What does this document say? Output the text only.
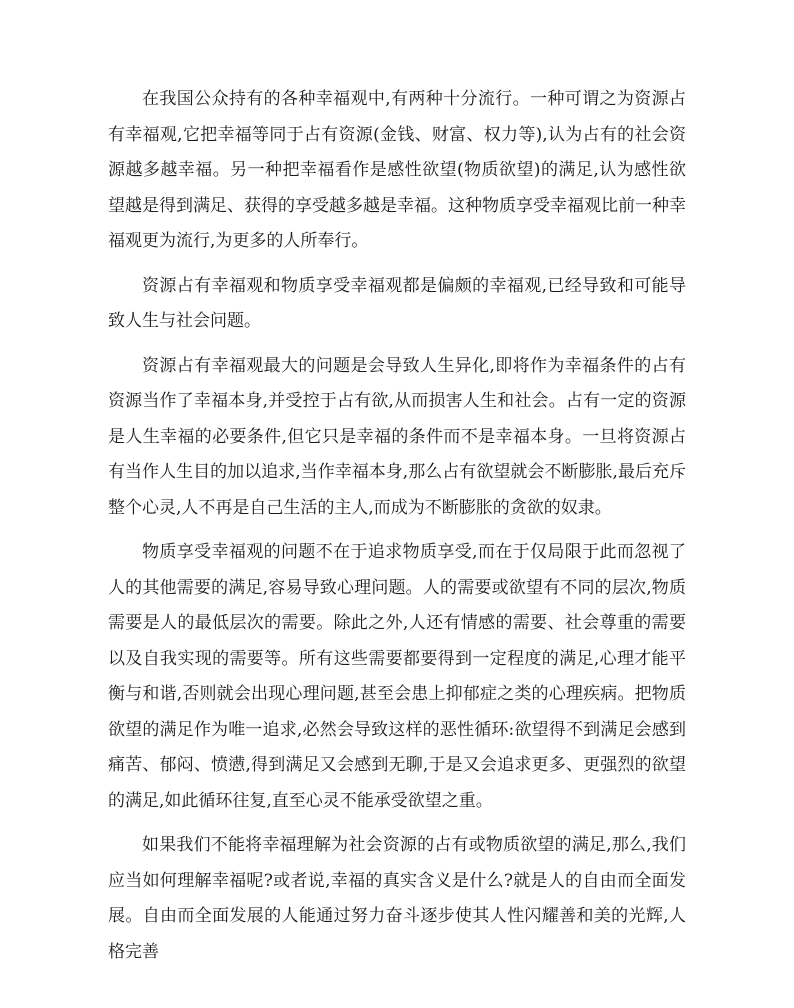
在我国公众持有的各种幸福观中,有两种十分流行。一种可谓之为资源占有幸福观,它把幸福等同于占有资源(金钱、财富、权力等),认为占有的社会资源越多越幸福。另一种把幸福看作是感性欲望(物质欲望)的满足,认为感性欲望越是得到满足、获得的享受越多越是幸福。这种物质享受幸福观比前一种幸福观更为流行,为更多的人所奉行。

资源占有幸福观和物质享受幸福观都是偏颇的幸福观,已经导致和可能导致人生与社会问题。

资源占有幸福观最大的问题是会导致人生异化,即将作为幸福条件的占有资源当作了幸福本身,并受控于占有欲,从而损害人生和社会。占有一定的资源是人生幸福的必要条件,但它只是幸福的条件而不是幸福本身。一旦将资源占有当作人生目的加以追求,当作幸福本身,那么占有欲望就会不断膨胀,最后充斥整个心灵,人不再是自己生活的主人,而成为不断膨胀的贪欲的奴隶。

物质享受幸福观的问题不在于追求物质享受,而在于仅局限于此而忽视了人的其他需要的满足,容易导致心理问题。人的需要或欲望有不同的层次,物质需要是人的最低层次的需要。除此之外,人还有情感的需要、社会尊重的需要以及自我实现的需要等。所有这些需要都要得到一定程度的满足,心理才能平衡与和谐,否则就会出现心理问题,甚至会患上抑郁症之类的心理疾病。把物质欲望的满足作为唯一追求,必然会导致这样的恶性循环:欲望得不到满足会感到痛苦、郁闷、愤懑,得到满足又会感到无聊,于是又会追求更多、更强烈的欲望的满足,如此循环往复,直至心灵不能承受欲望之重。

如果我们不能将幸福理解为社会资源的占有或物质欲望的满足,那么,我们应当如何理解幸福呢?或者说,幸福的真实含义是什么?就是人的自由而全面发展。自由而全面发展的人能通过努力奋斗逐步使其人性闪耀善和美的光辉,人格完善
